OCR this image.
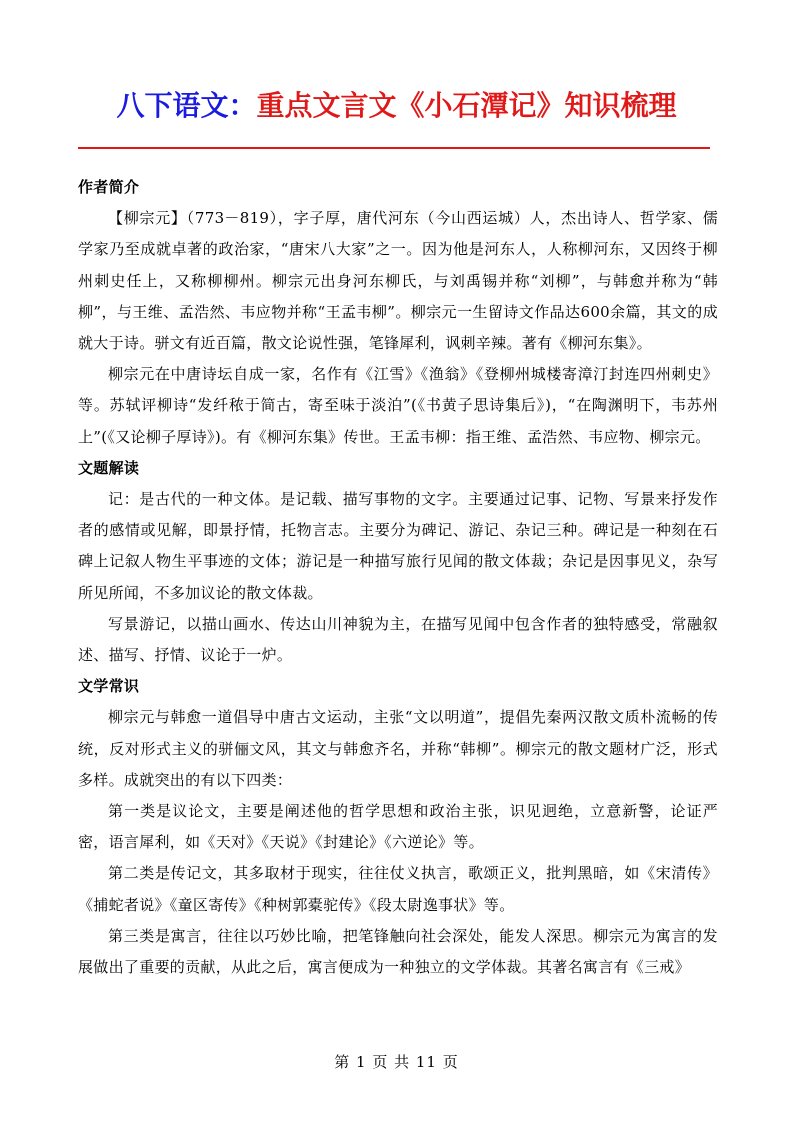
八下语文：重点文言文《小石潭记》知识梳理

作者简介

【柳宗元】（773－819），字子厚，唐代河东（今山西运城）人，杰出诗人、哲学家、儒学家乃至成就卓著的政治家，“唐宋八大家”之一。因为他是河东人，人称柳河东，又因终于柳州刺史任上，又称柳柳州。柳宗元出身河东柳氏，与刘禹锡并称“刘柳”，与韩愈并称为“韩柳”，与王维、孟浩然、韦应物并称“王孟韦柳”。柳宗元一生留诗文作品达600余篇，其文的成就大于诗。骈文有近百篇，散文论说性强，笔锋犀利，讽刺辛辣。著有《柳河东集》。

柳宗元在中唐诗坛自成一家，名作有《江雪》《渔翁》《登柳州城楼寄漳汀封连四州刺史》等。苏轼评柳诗“发纤秾于简古，寄至味于淡泊”(《书黄子思诗集后》)，“在陶渊明下，韦苏州上”(《又论柳子厚诗》)。有《柳河东集》传世。王孟韦柳：指王维、孟浩然、韦应物、柳宗元。

文题解读

记：是古代的一种文体。是记载、描写事物的文字。主要通过记事、记物、写景来抒发作者的感情或见解，即景抒情，托物言志。主要分为碑记、游记、杂记三种。碑记是一种刻在石碑上记叙人物生平事迹的文体；游记是一种描写旅行见闻的散文体裁；杂记是因事见义，杂写所见所闻，不多加议论的散文体裁。

写景游记，以描山画水、传达山川神貌为主，在描写见闻中包含作者的独特感受，常融叙述、描写、抒情、议论于一炉。

文学常识

柳宗元与韩愈一道倡导中唐古文运动，主张“文以明道”，提倡先秦两汉散文质朴流畅的传统，反对形式主义的骈俪文风，其文与韩愈齐名，并称“韩柳”。柳宗元的散文题材广泛，形式多样。成就突出的有以下四类：

第一类是议论文，主要是阐述他的哲学思想和政治主张，识见迥绝，立意新警，论证严密，语言犀利，如《天对》《天说》《封建论》《六逆论》等。

第二类是传记文，其多取材于现实，往往仗义执言，歌颂正义，批判黑暗，如《宋清传》《捕蛇者说》《童区寄传》《种树郭橐驼传》《段太尉逸事状》等。

第三类是寓言，往往以巧妙比喻，把笔锋触向社会深处，能发人深思。柳宗元为寓言的发展做出了重要的贡献，从此之后，寓言便成为一种独立的文学体裁。其著名寓言有《三戒》

第 1 页 共 11 页
